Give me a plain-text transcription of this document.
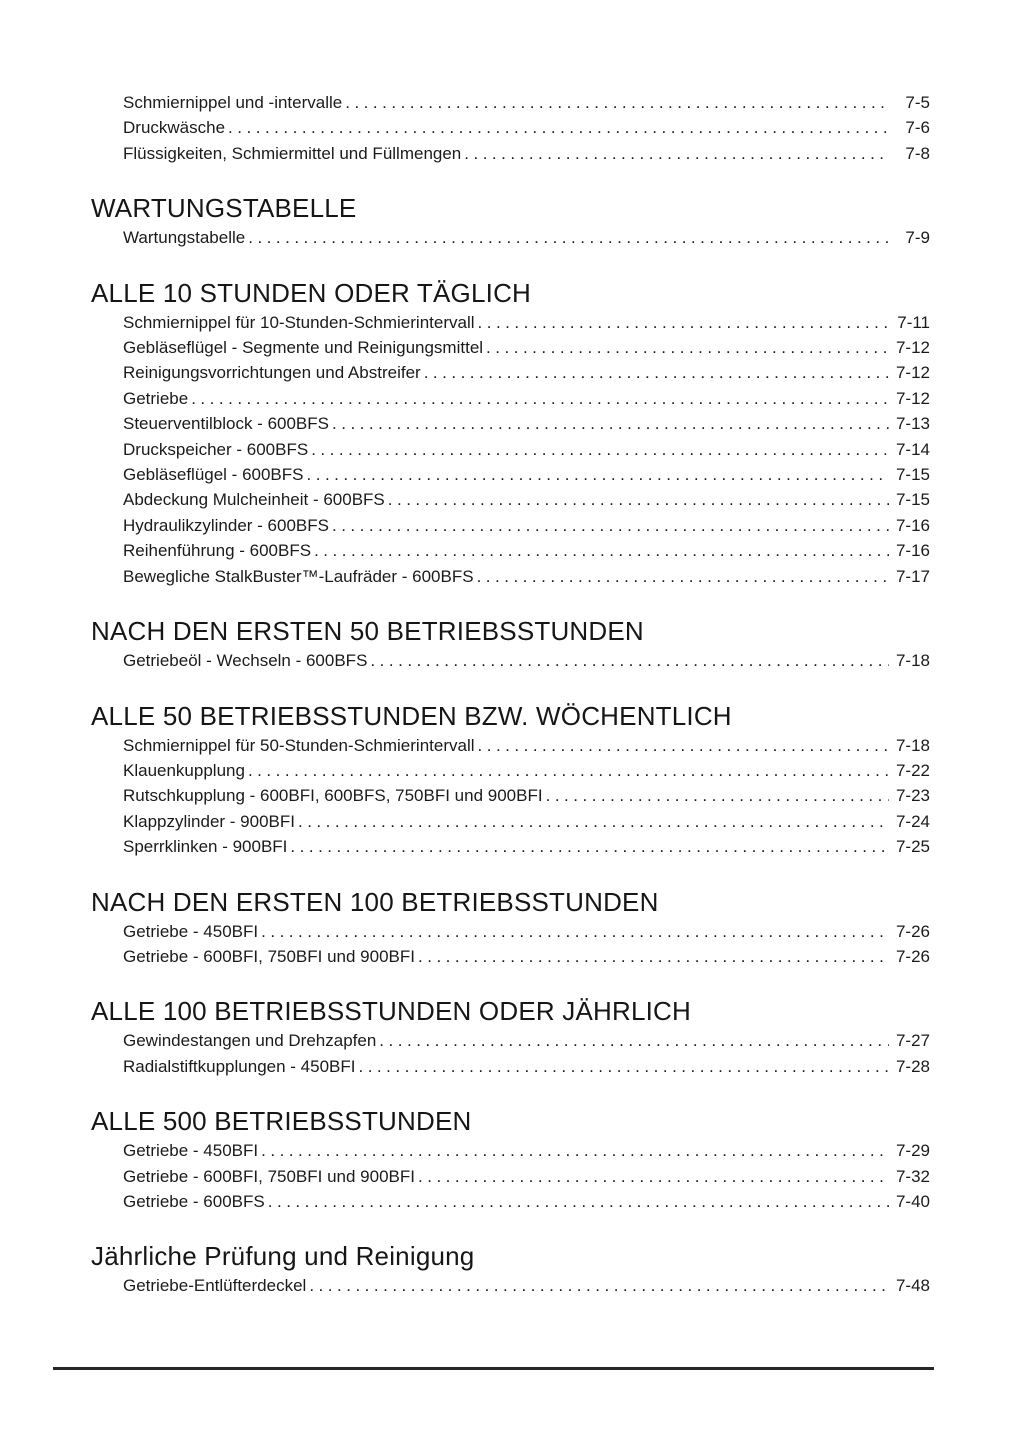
Schmiernippel und -intervalle .....	7-5
Druckwäsche .....	7-6
Flüssigkeiten, Schmiermittel und Füllmengen .....	7-8
WARTUNGSTABELLE
Wartungstabelle .....	7-9
ALLE 10 STUNDEN ODER TÄGLICH
Schmiernippel für 10-Stunden-Schmierintervall .....	7-11
Gebläseflügel - Segmente und Reinigungsmittel .....	7-12
Reinigungsvorrichtungen und Abstreifer .....	7-12
Getriebe .....	7-12
Steuerventilblock - 600BFS .....	7-13
Druckspeicher - 600BFS .....	7-14
Gebläseflügel - 600BFS .....	7-15
Abdeckung Mulcheinheit - 600BFS .....	7-15
Hydraulikzylinder - 600BFS .....	7-16
Reihenführung - 600BFS .....	7-16
Bewegliche StalkBuster™-Laufräder - 600BFS .....	7-17
NACH DEN ERSTEN 50 BETRIEBSSTUNDEN
Getriebeöl - Wechseln - 600BFS .....	7-18
ALLE 50 BETRIEBSSTUNDEN BZW. WÖCHENTLICH
Schmiernippel für 50-Stunden-Schmierintervall .....	7-18
Klauenkupplung .....	7-22
Rutschkupplung - 600BFI, 600BFS, 750BFI und 900BFI .....	7-23
Klappzylinder - 900BFI .....	7-24
Sperrklinken - 900BFI .....	7-25
NACH DEN ERSTEN 100 BETRIEBSSTUNDEN
Getriebe - 450BFI .....	7-26
Getriebe - 600BFI, 750BFI und 900BFI .....	7-26
ALLE 100 BETRIEBSSTUNDEN ODER JÄHRLICH
Gewindestangen und Drehzapfen .....	7-27
Radialstiftkupplungen - 450BFI .....	7-28
ALLE 500 BETRIEBSSTUNDEN
Getriebe - 450BFI .....	7-29
Getriebe - 600BFI, 750BFI und 900BFI .....	7-32
Getriebe - 600BFS .....	7-40
Jährliche Prüfung und Reinigung
Getriebe-Entlüfterdeckel .....	7-48
